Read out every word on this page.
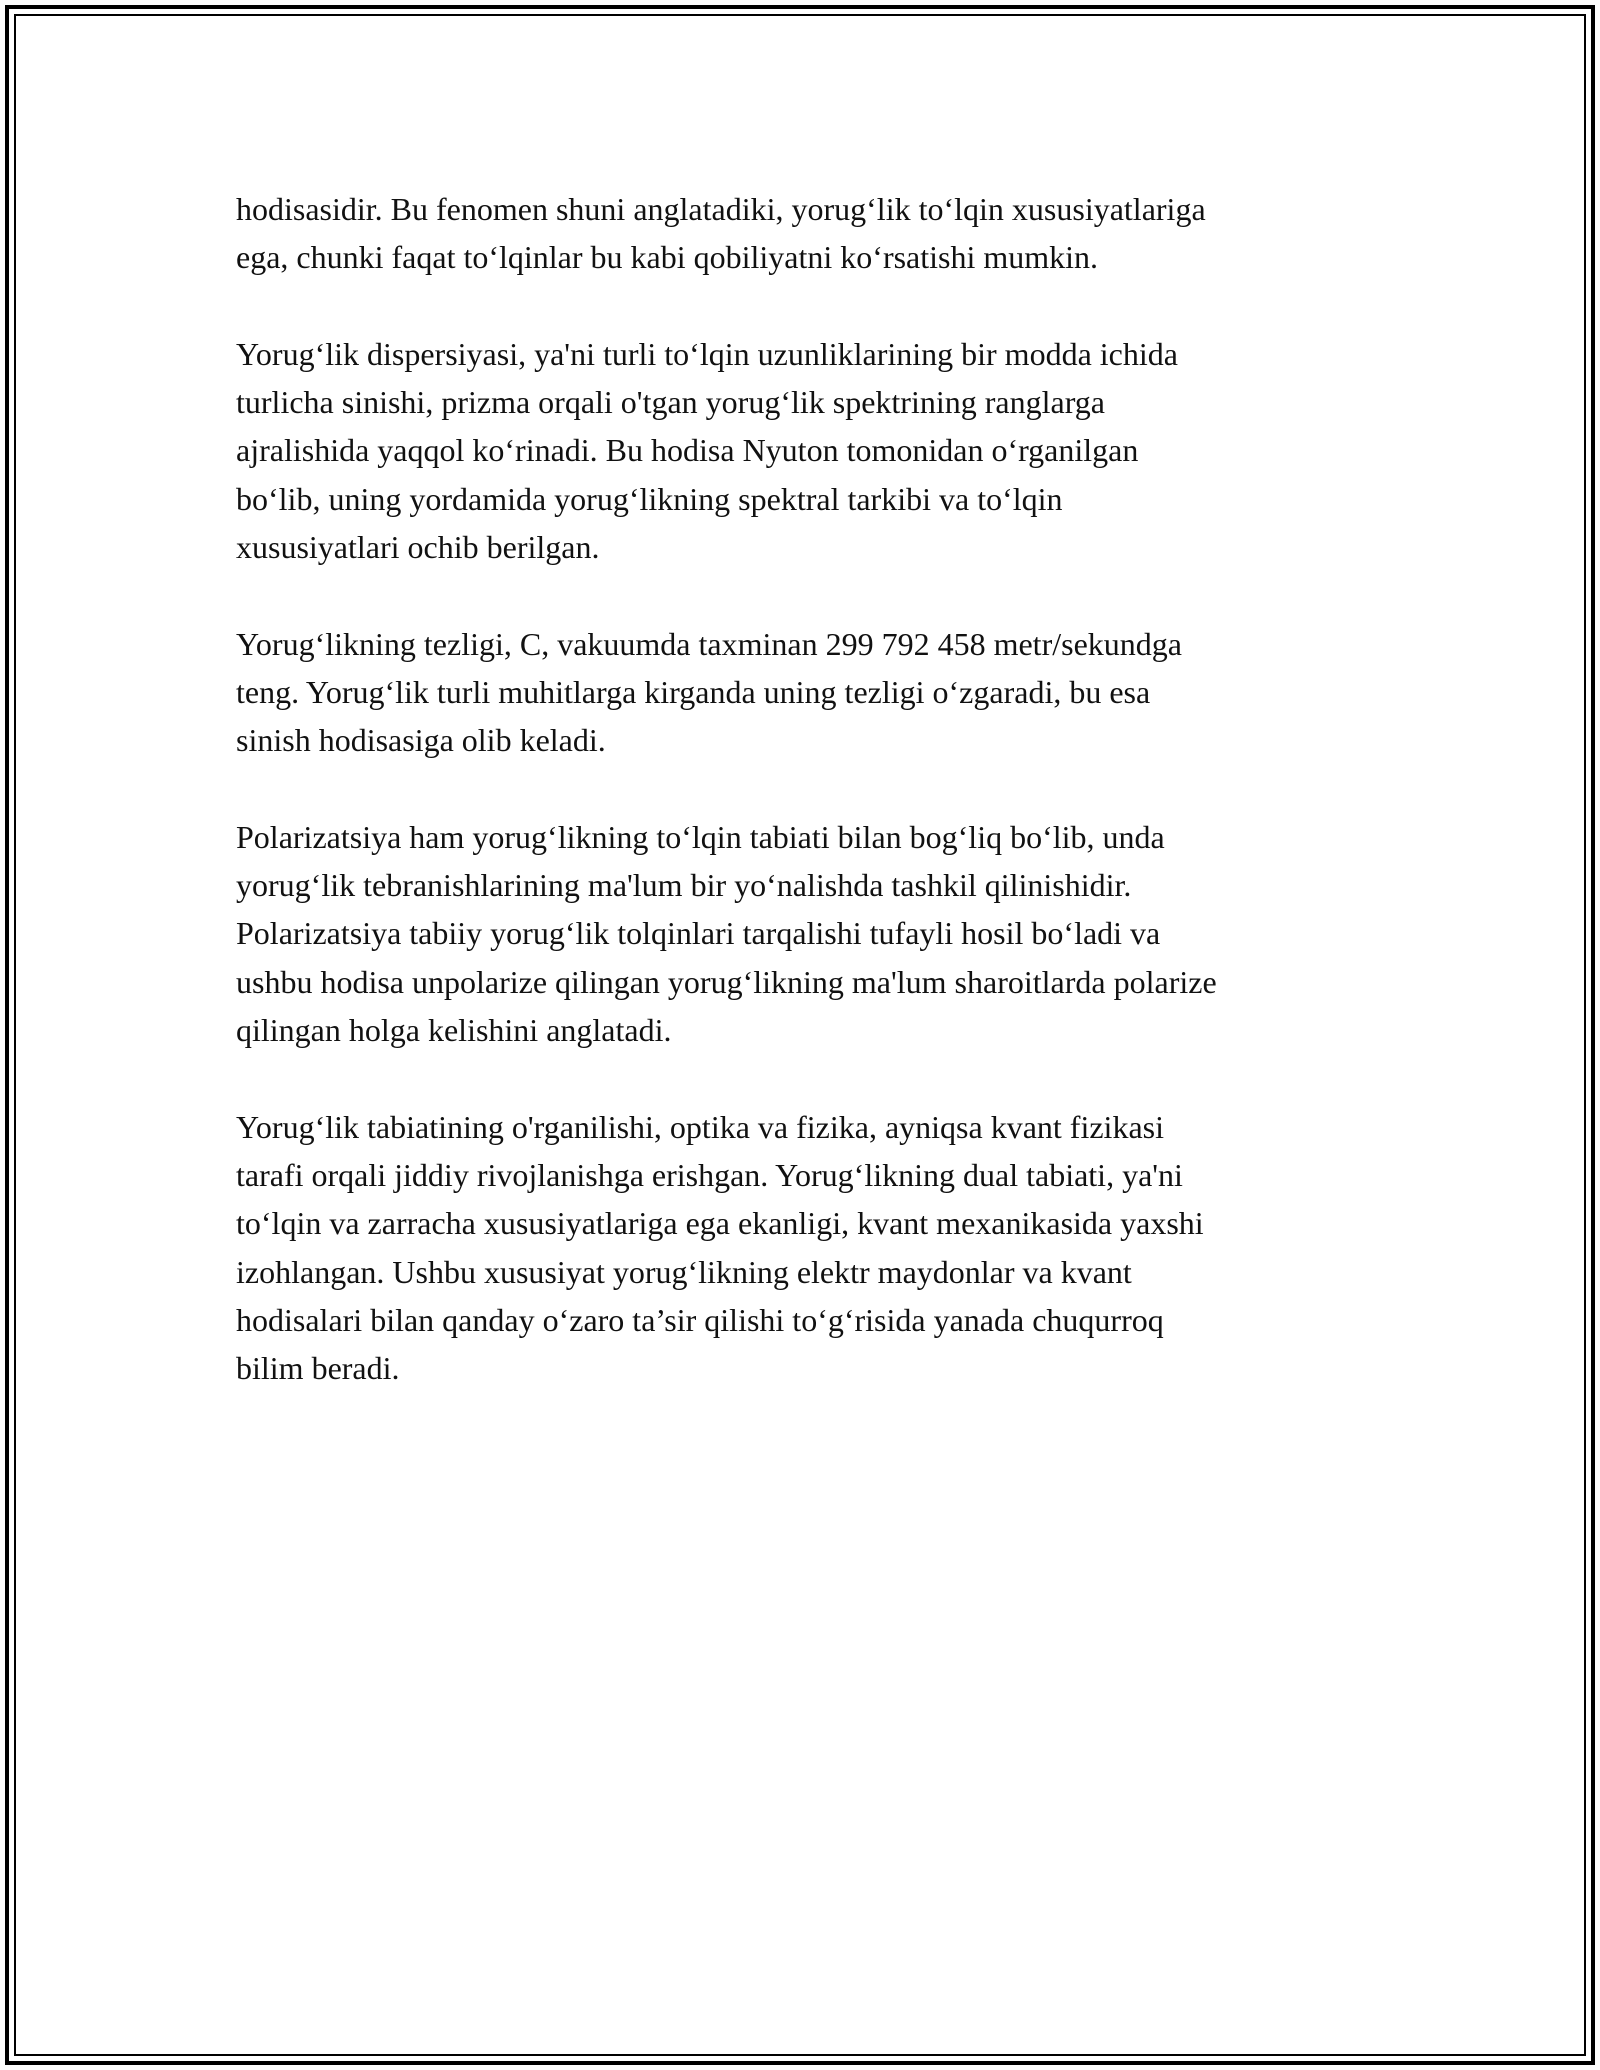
hodisasidir. Bu fenomen shuni anglatadiki, yorug‘lik to‘lqin xususiyatlariga
ega, chunki faqat to‘lqinlar bu kabi qobiliyatni ko‘rsatishi mumkin.

Yorug‘lik dispersiyasi, ya'ni turli to‘lqin uzunliklarining bir modda ichida
turlicha sinishi, prizma orqali o'tgan yorug‘lik spektrining ranglarga
ajralishida yaqqol ko‘rinadi. Bu hodisa Nyuton tomonidan o‘rganilgan
bo‘lib, uning yordamida yorug‘likning spektral tarkibi va to‘lqin
xususiyatlari ochib berilgan.

Yorug‘likning tezligi, C, vakuumda taxminan 299 792 458 metr/sekundga
teng. Yorug‘lik turli muhitlarga kirganda uning tezligi o‘zgaradi, bu esa
sinish hodisasiga olib keladi.

Polarizatsiya ham yorug‘likning to‘lqin tabiati bilan bog‘liq bo‘lib, unda
yorug‘lik tebranishlarining ma'lum bir yo‘nalishda tashkil qilinishidir.
Polarizatsiya tabiiy yorug‘lik tolqinlari tarqalishi tufayli hosil bo‘ladi va
ushbu hodisa unpolarize qilingan yorug‘likning ma'lum sharoitlarda polarize
qilingan holga kelishini anglatadi.

Yorug‘lik tabiatining o'rganilishi, optika va fizika, ayniqsa kvant fizikasi
tarafi orqali jiddiy rivojlanishga erishgan. Yorug‘likning dual tabiati, ya'ni
to‘lqin va zarracha xususiyatlariga ega ekanligi, kvant mexanikasida yaxshi
izohlangan. Ushbu xususiyat yorug‘likning elektr maydonlar va kvant
hodisalari bilan qanday o‘zaro ta’sir qilishi to‘g‘risida yanada chuqurroq
bilim beradi.
